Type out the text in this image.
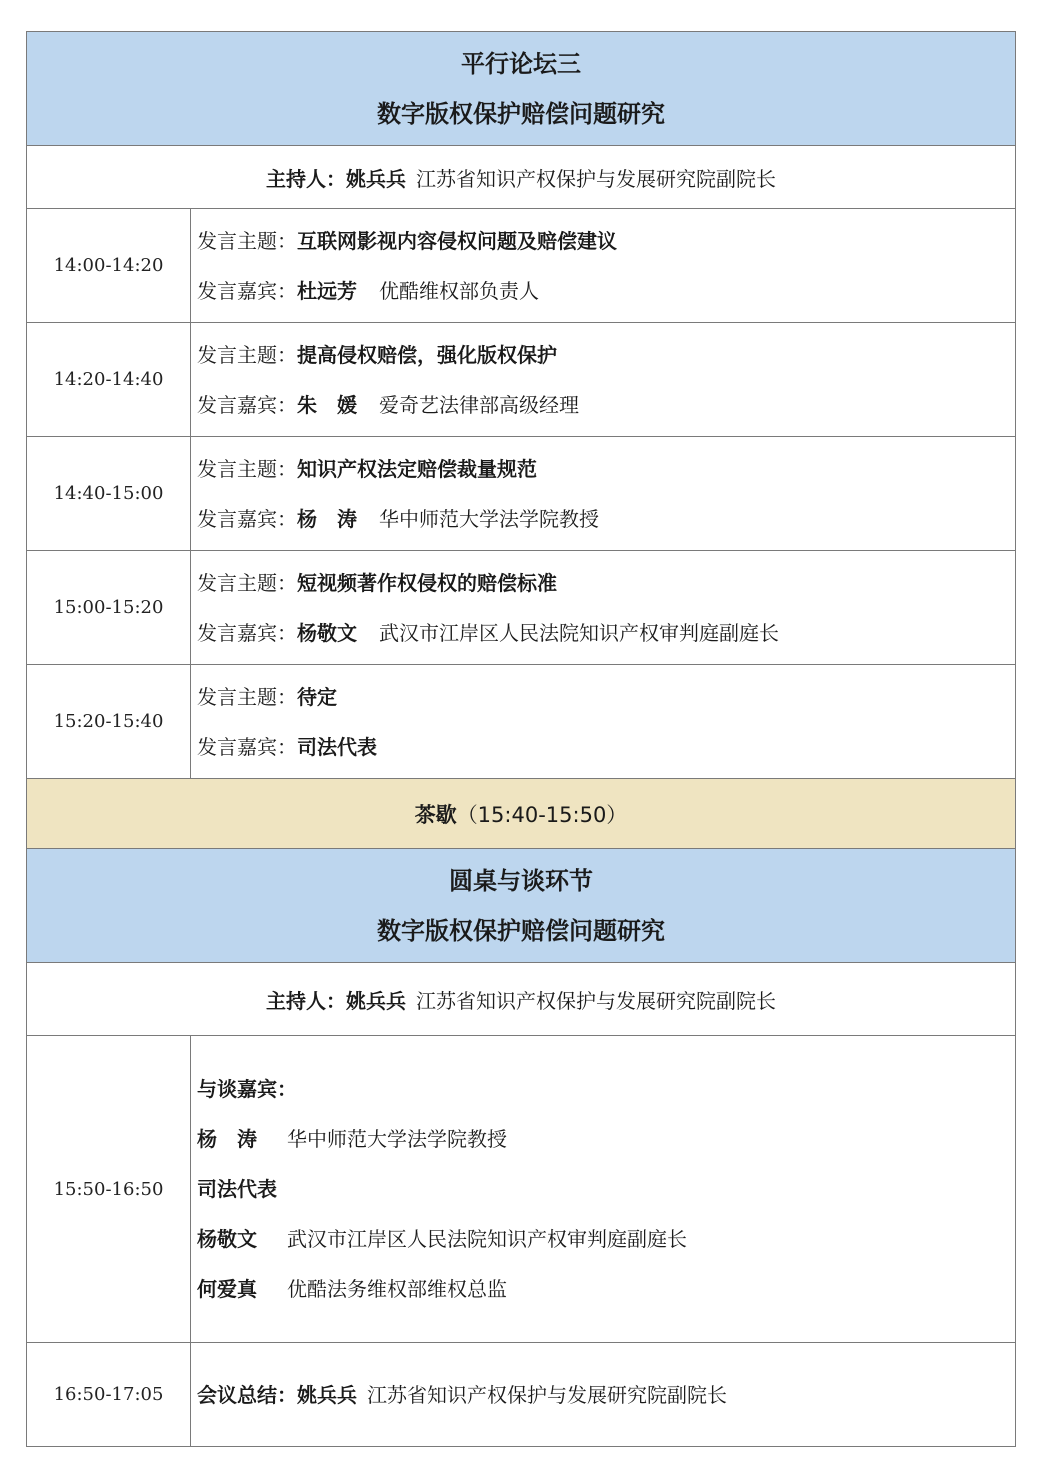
平行论坛三
数字版权保护赔偿问题研究
主持人： 姚兵兵 江苏省知识产权保护与发展研究院副院长
14:00-14:20
发言主题：互联网影视内容侵权问题及赔偿建议
发言嘉宾：杜远芳 优酷维权部负责人
14:20-14:40
发言主题：提高侵权赔偿，强化版权保护
发言嘉宾：朱　媛 爱奇艺法律部高级经理
14:40-15:00
发言主题：知识产权法定赔偿裁量规范
发言嘉宾：杨　涛 华中师范大学法学院教授
15:00-15:20
发言主题：短视频著作权侵权的赔偿标准
发言嘉宾：杨敬文 武汉市江岸区人民法院知识产权审判庭副庭长
15:20-15:40
发言主题：待定
发言嘉宾：司法代表
茶歇 （15:40-15:50）
圆桌与谈环节
数字版权保护赔偿问题研究
主持人： 姚兵兵 江苏省知识产权保护与发展研究院副院长
15:50-16:50
与谈嘉宾：
杨　涛 华中师范大学法学院教授
司法代表
杨敬文 武汉市江岸区人民法院知识产权审判庭副庭长
何爱真 优酷法务维权部维权总监
16:50-17:05	会议总结：姚兵兵 江苏省知识产权保护与发展研究院副院长
